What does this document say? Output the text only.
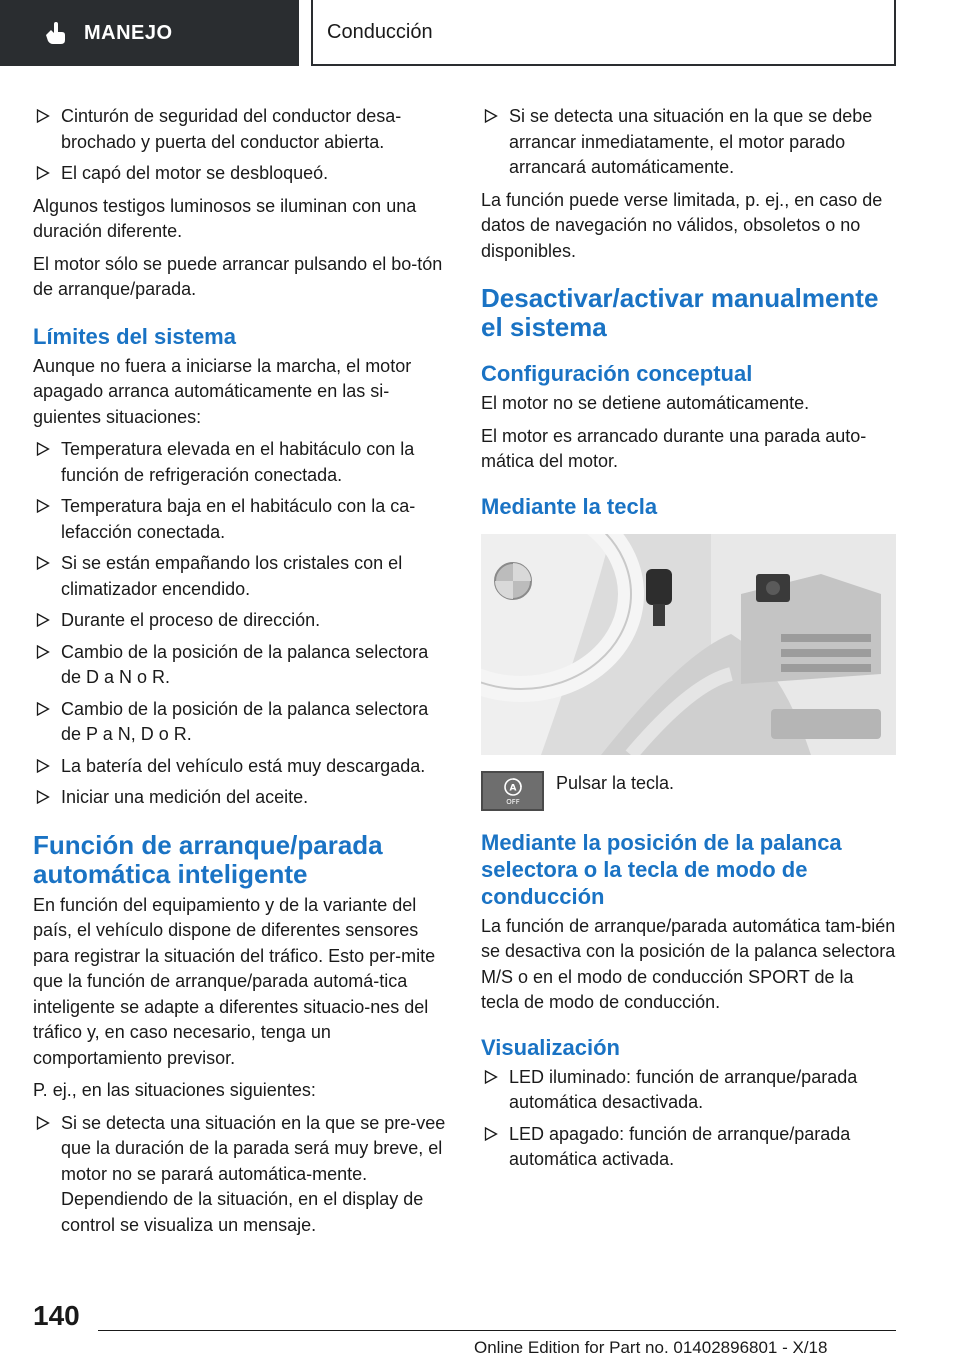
MANEJO	Conducción
Cinturón de seguridad del conductor desa-brochado y puerta del conductor abierta.
El capó del motor se desbloqueó.

Algunos testigos luminosos se iluminan con una duración diferente.

El motor sólo se puede arrancar pulsando el bo-tón de arranque/parada.

Límites del sistema

Aunque no fuera a iniciarse la marcha, el motor apagado arranca automáticamente en las si-guientes situaciones:

Temperatura elevada en el habitáculo con la función de refrigeración conectada.
Temperatura baja en el habitáculo con la ca-lefacción conectada.
Si se están empañando los cristales con el climatizador encendido.
Durante el proceso de dirección.
Cambio de la posición de la palanca selectora de D a N o R.
Cambio de la posición de la palanca selectora de P a N, D o R.
La batería del vehículo está muy descargada.
Iniciar una medición del aceite.
Función de arranque/parada automática inteligente

En función del equipamiento y de la variante del país, el vehículo dispone de diferentes sensores para registrar la situación del tráfico. Esto per-mite que la función de arranque/parada automá-tica inteligente se adapte a diferentes situacio-nes del tráfico y, en caso necesario, tenga un comportamiento previsor.

P. ej., en las situaciones siguientes:

Si se detecta una situación en la que se pre-vee que la duración de la parada será muy breve, el motor no se parará automática-mente. Dependiendo de la situación, en el display de control se visualiza un mensaje.
Si se detecta una situación en la que se debe arrancar inmediatamente, el motor parado arrancará automáticamente.

La función puede verse limitada, p. ej., en caso de datos de navegación no válidos, obsoletos o no disponibles.

Desactivar/activar manualmente el sistema
Configuración conceptual

El motor no se detiene automáticamente.

El motor es arrancado durante una parada auto-mática del motor.

Mediante la tecla
A
OFF
Pulsar la tecla.
Mediante la posición de la palanca selectora o la tecla de modo de conducción

La función de arranque/parada automática tam-bién se desactiva con la posición de la palanca selectora M/S o en el modo de conducción SPORT de la tecla de modo de conducción.

Visualización
LED iluminado: función de arranque/parada automática desactivada.
LED apagado: función de arranque/parada automática activada.
140
Online Edition for Part no. 01402896801 - X/18
